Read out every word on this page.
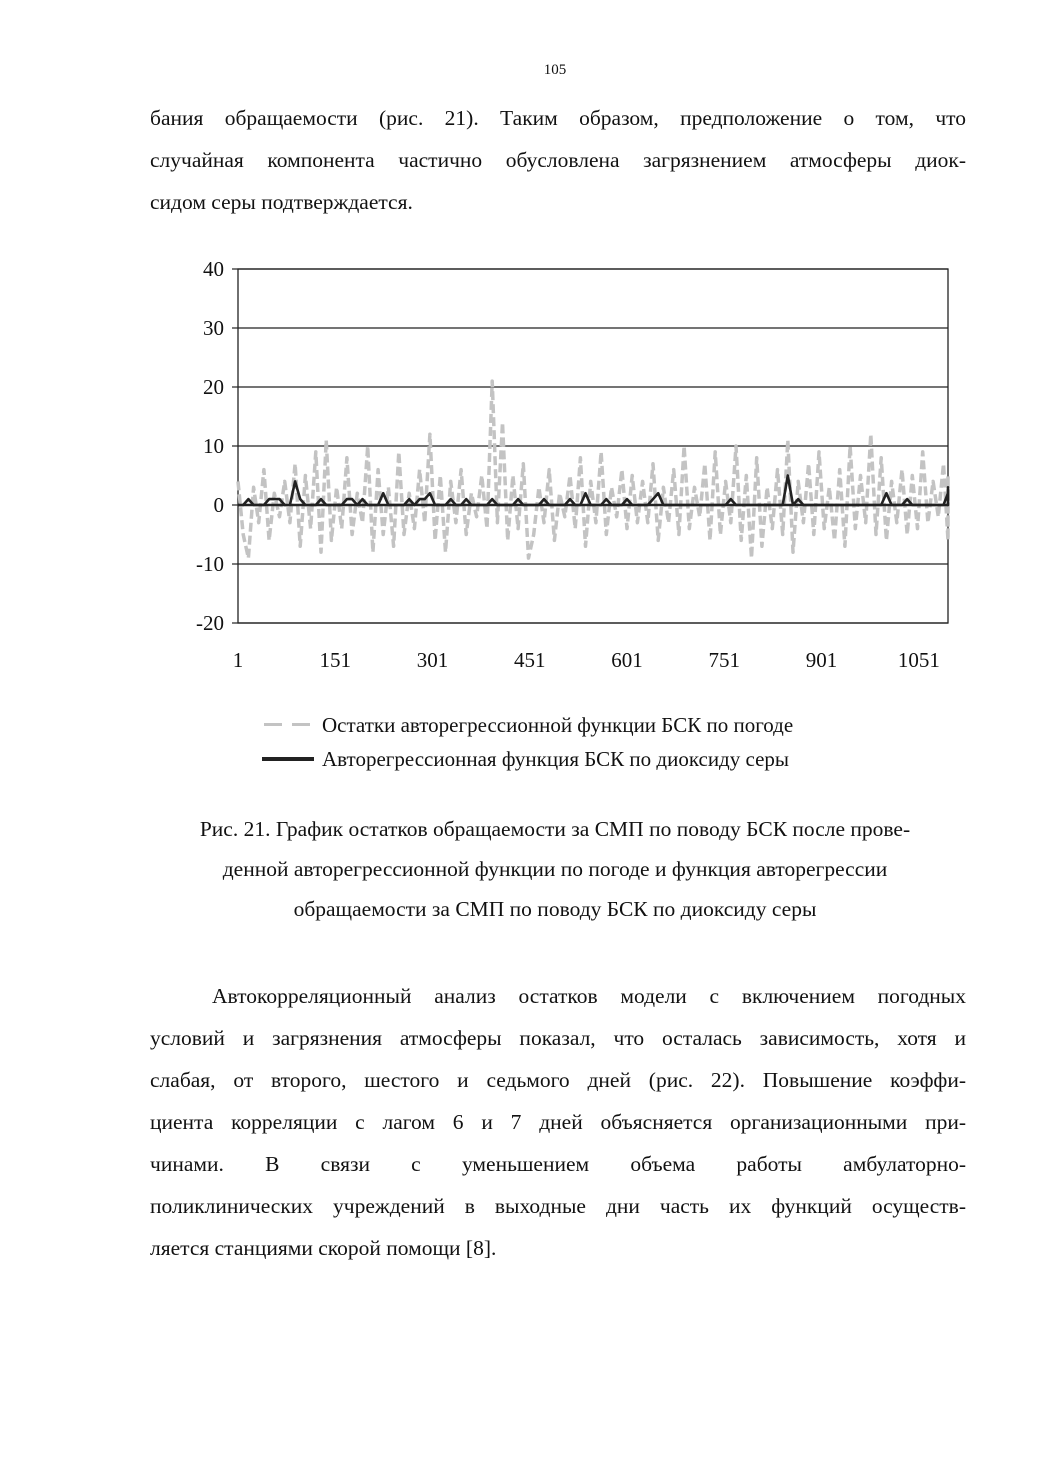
105
бания обращаемости (рис. 21). Таким образом, предположение о том, что
случайная компонента частично обусловлена загрязнением атмосферы диок-
сидом серы подтверждается.
-20
-10
0
10
20
30
40
1	151	301	451	601	751	901	1051
Остатки авторегрессионной функции БСК по погоде
Авторегрессионная функция БСК по диоксиду серы
Рис. 21. График остатков обращаемости за СМП по поводу БСК после прове-
денной авторегрессионной функции по погоде и функция авторегрессии
обращаемости за СМП по поводу БСК по диоксиду серы
Автокорреляционный анализ остатков модели с включением погодных
условий и загрязнения атмосферы показал, что осталась зависимость, хотя и
слабая, от второго, шестого и седьмого дней (рис. 22). Повышение коэффи-
циента корреляции с лагом 6 и 7 дней объясняется организационными при-
чинами. В связи с уменьшением объема работы амбулаторно-
поликлинических учреждений в выходные дни часть их функций осуществ-
ляется станциями скорой помощи [8].
